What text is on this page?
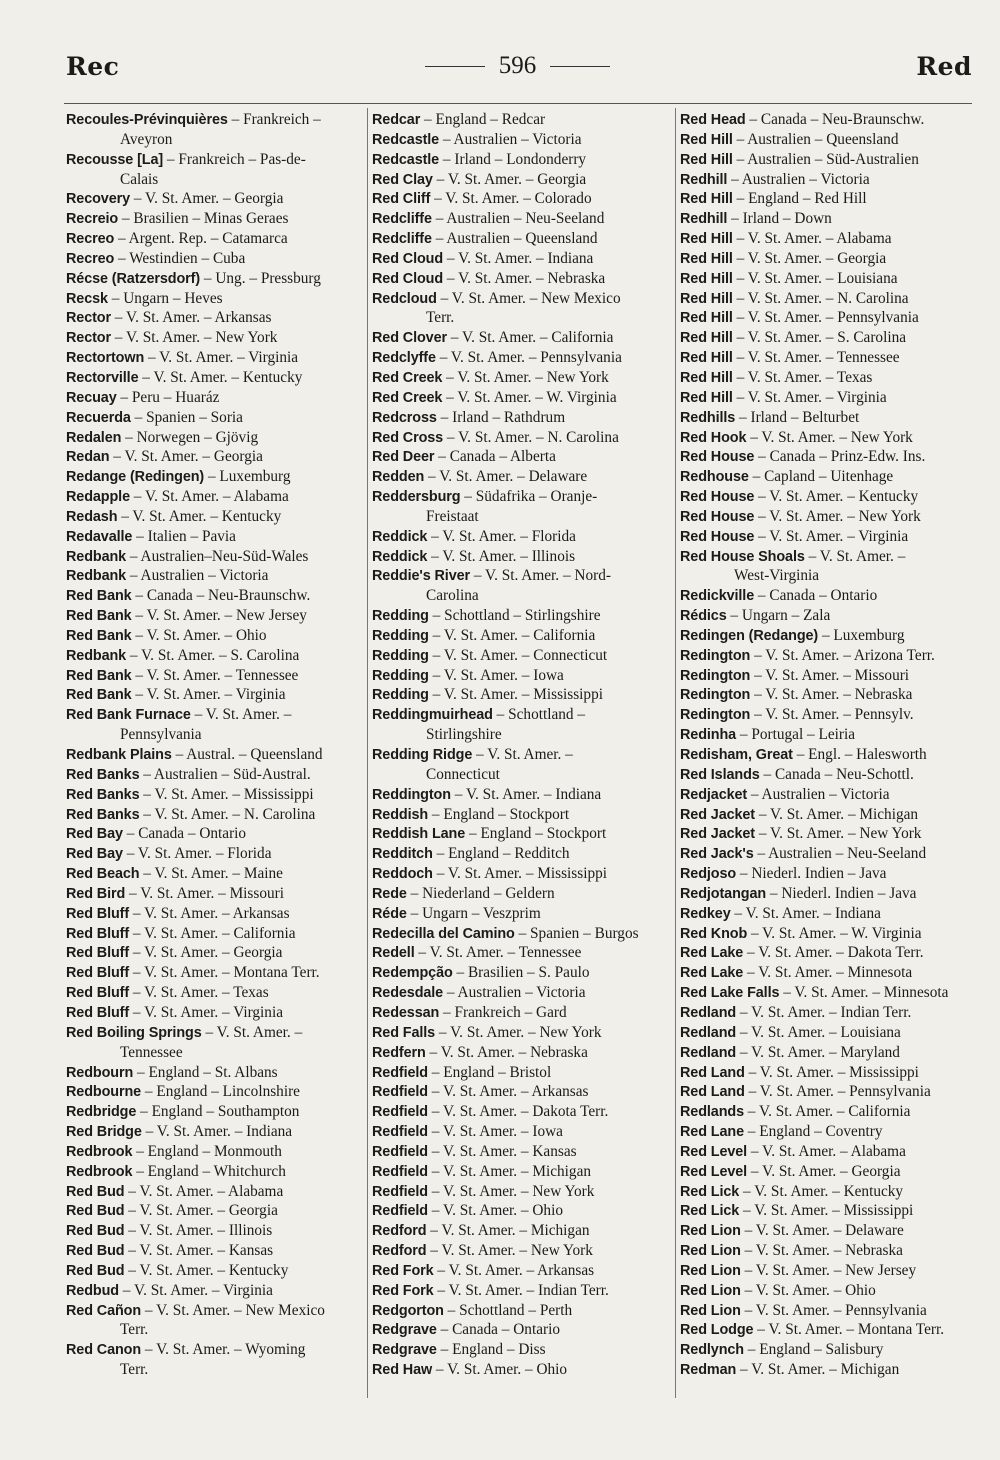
Rec	596	Red
Recoules-Prévinquières – Frankreich –
Aveyron
Recousse [La] – Frankreich – Pas-de-
Calais
Recovery – V. St. Amer. – Georgia
Recreio – Brasilien – Minas Geraes
Recreo – Argent. Rep. – Catamarca
Recreo – Westindien – Cuba
Récse (Ratzersdorf) – Ung. – Pressburg
Recsk – Ungarn – Heves
Rector – V. St. Amer. – Arkansas
Rector – V. St. Amer. – New York
Rectortown – V. St. Amer. – Virginia
Rectorville – V. St. Amer. – Kentucky
Recuay – Peru – Huaráz
Recuerda – Spanien – Soria
Redalen – Norwegen – Gjövig
Redan – V. St. Amer. – Georgia
Redange (Redingen) – Luxemburg
Redapple – V. St. Amer. – Alabama
Redash – V. St. Amer. – Kentucky
Redavalle – Italien – Pavia
Redbank – Australien–Neu-Süd-Wales
Redbank – Australien – Victoria
Red Bank – Canada – Neu-Braunschw.
Red Bank – V. St. Amer. – New Jersey
Red Bank – V. St. Amer. – Ohio
Redbank – V. St. Amer. – S. Carolina
Red Bank – V. St. Amer. – Tennessee
Red Bank – V. St. Amer. – Virginia
Red Bank Furnace – V. St. Amer. –
Pennsylvania
Redbank Plains – Austral. – Queensland
Red Banks – Australien – Süd-Austral.
Red Banks – V. St. Amer. – Mississippi
Red Banks – V. St. Amer. – N. Carolina
Red Bay – Canada – Ontario
Red Bay – V. St. Amer. – Florida
Red Beach – V. St. Amer. – Maine
Red Bird – V. St. Amer. – Missouri
Red Bluff – V. St. Amer. – Arkansas
Red Bluff – V. St. Amer. – California
Red Bluff – V. St. Amer. – Georgia
Red Bluff – V. St. Amer. – Montana Terr.
Red Bluff – V. St. Amer. – Texas
Red Bluff – V. St. Amer. – Virginia
Red Boiling Springs – V. St. Amer. –
Tennessee
Redbourn – England – St. Albans
Redbourne – England – Lincolnshire
Redbridge – England – Southampton
Red Bridge – V. St. Amer. – Indiana
Redbrook – England – Monmouth
Redbrook – England – Whitchurch
Red Bud – V. St. Amer. – Alabama
Red Bud – V. St. Amer. – Georgia
Red Bud – V. St. Amer. – Illinois
Red Bud – V. St. Amer. – Kansas
Red Bud – V. St. Amer. – Kentucky
Redbud – V. St. Amer. – Virginia
Red Cañon – V. St. Amer. – New Mexico
Terr.
Red Canon – V. St. Amer. – Wyoming
Terr.
Redcar – England – Redcar
Redcastle – Australien – Victoria
Redcastle – Irland – Londonderry
Red Clay – V. St. Amer. – Georgia
Red Cliff – V. St. Amer. – Colorado
Redcliffe – Australien – Neu-Seeland
Redcliffe – Australien – Queensland
Red Cloud – V. St. Amer. – Indiana
Red Cloud – V. St. Amer. – Nebraska
Redcloud – V. St. Amer. – New Mexico
Terr.
Red Clover – V. St. Amer. – California
Redclyffe – V. St. Amer. – Pennsylvania
Red Creek – V. St. Amer. – New York
Red Creek – V. St. Amer. – W. Virginia
Redcross – Irland – Rathdrum
Red Cross – V. St. Amer. – N. Carolina
Red Deer – Canada – Alberta
Redden – V. St. Amer. – Delaware
Reddersburg – Südafrika – Oranje-
Freistaat
Reddick – V. St. Amer. – Florida
Reddick – V. St. Amer. – Illinois
Reddie's River – V. St. Amer. – Nord-
Carolina
Redding – Schottland – Stirlingshire
Redding – V. St. Amer. – California
Redding – V. St. Amer. – Connecticut
Redding – V. St. Amer. – Iowa
Redding – V. St. Amer. – Mississippi
Reddingmuirhead – Schottland –
Stirlingshire
Redding Ridge – V. St. Amer. –
Connecticut
Reddington – V. St. Amer. – Indiana
Reddish – England – Stockport
Reddish Lane – England – Stockport
Redditch – England – Redditch
Reddoch – V. St. Amer. – Mississippi
Rede – Niederland – Geldern
Réde – Ungarn – Veszprim
Redecilla del Camino – Spanien – Burgos
Redell – V. St. Amer. – Tennessee
Redempção – Brasilien – S. Paulo
Redesdale – Australien – Victoria
Redessan – Frankreich – Gard
Red Falls – V. St. Amer. – New York
Redfern – V. St. Amer. – Nebraska
Redfield – England – Bristol
Redfield – V. St. Amer. – Arkansas
Redfield – V. St. Amer. – Dakota Terr.
Redfield – V. St. Amer. – Iowa
Redfield – V. St. Amer. – Kansas
Redfield – V. St. Amer. – Michigan
Redfield – V. St. Amer. – New York
Redfield – V. St. Amer. – Ohio
Redford – V. St. Amer. – Michigan
Redford – V. St. Amer. – New York
Red Fork – V. St. Amer. – Arkansas
Red Fork – V. St. Amer. – Indian Terr.
Redgorton – Schottland – Perth
Redgrave – Canada – Ontario
Redgrave – England – Diss
Red Haw – V. St. Amer. – Ohio
Red Head – Canada – Neu-Braunschw.
Red Hill – Australien – Queensland
Red Hill – Australien – Süd-Australien
Redhill – Australien – Victoria
Red Hill – England – Red Hill
Redhill – Irland – Down
Red Hill – V. St. Amer. – Alabama
Red Hill – V. St. Amer. – Georgia
Red Hill – V. St. Amer. – Louisiana
Red Hill – V. St. Amer. – N. Carolina
Red Hill – V. St. Amer. – Pennsylvania
Red Hill – V. St. Amer. – S. Carolina
Red Hill – V. St. Amer. – Tennessee
Red Hill – V. St. Amer. – Texas
Red Hill – V. St. Amer. – Virginia
Redhills – Irland – Belturbet
Red Hook – V. St. Amer. – New York
Red House – Canada – Prinz-Edw. Ins.
Redhouse – Capland – Uitenhage
Red House – V. St. Amer. – Kentucky
Red House – V. St. Amer. – New York
Red House – V. St. Amer. – Virginia
Red House Shoals – V. St. Amer. –
West-Virginia
Redickville – Canada – Ontario
Rédics – Ungarn – Zala
Redingen (Redange) – Luxemburg
Redington – V. St. Amer. – Arizona Terr.
Redington – V. St. Amer. – Missouri
Redington – V. St. Amer. – Nebraska
Redington – V. St. Amer. – Pennsylv.
Redinha – Portugal – Leiria
Redisham, Great – Engl. – Halesworth
Red Islands – Canada – Neu-Schottl.
Redjacket – Australien – Victoria
Red Jacket – V. St. Amer. – Michigan
Red Jacket – V. St. Amer. – New York
Red Jack's – Australien – Neu-Seeland
Redjoso – Niederl. Indien – Java
Redjotangan – Niederl. Indien – Java
Redkey – V. St. Amer. – Indiana
Red Knob – V. St. Amer. – W. Virginia
Red Lake – V. St. Amer. – Dakota Terr.
Red Lake – V. St. Amer. – Minnesota
Red Lake Falls – V. St. Amer. – Minnesota
Redland – V. St. Amer. – Indian Terr.
Redland – V. St. Amer. – Louisiana
Redland – V. St. Amer. – Maryland
Red Land – V. St. Amer. – Mississippi
Red Land – V. St. Amer. – Pennsylvania
Redlands – V. St. Amer. – California
Red Lane – England – Coventry
Red Level – V. St. Amer. – Alabama
Red Level – V. St. Amer. – Georgia
Red Lick – V. St. Amer. – Kentucky
Red Lick – V. St. Amer. – Mississippi
Red Lion – V. St. Amer. – Delaware
Red Lion – V. St. Amer. – Nebraska
Red Lion – V. St. Amer. – New Jersey
Red Lion – V. St. Amer. – Ohio
Red Lion – V. St. Amer. – Pennsylvania
Red Lodge – V. St. Amer. – Montana Terr.
Redlynch – England – Salisbury
Redman – V. St. Amer. – Michigan
